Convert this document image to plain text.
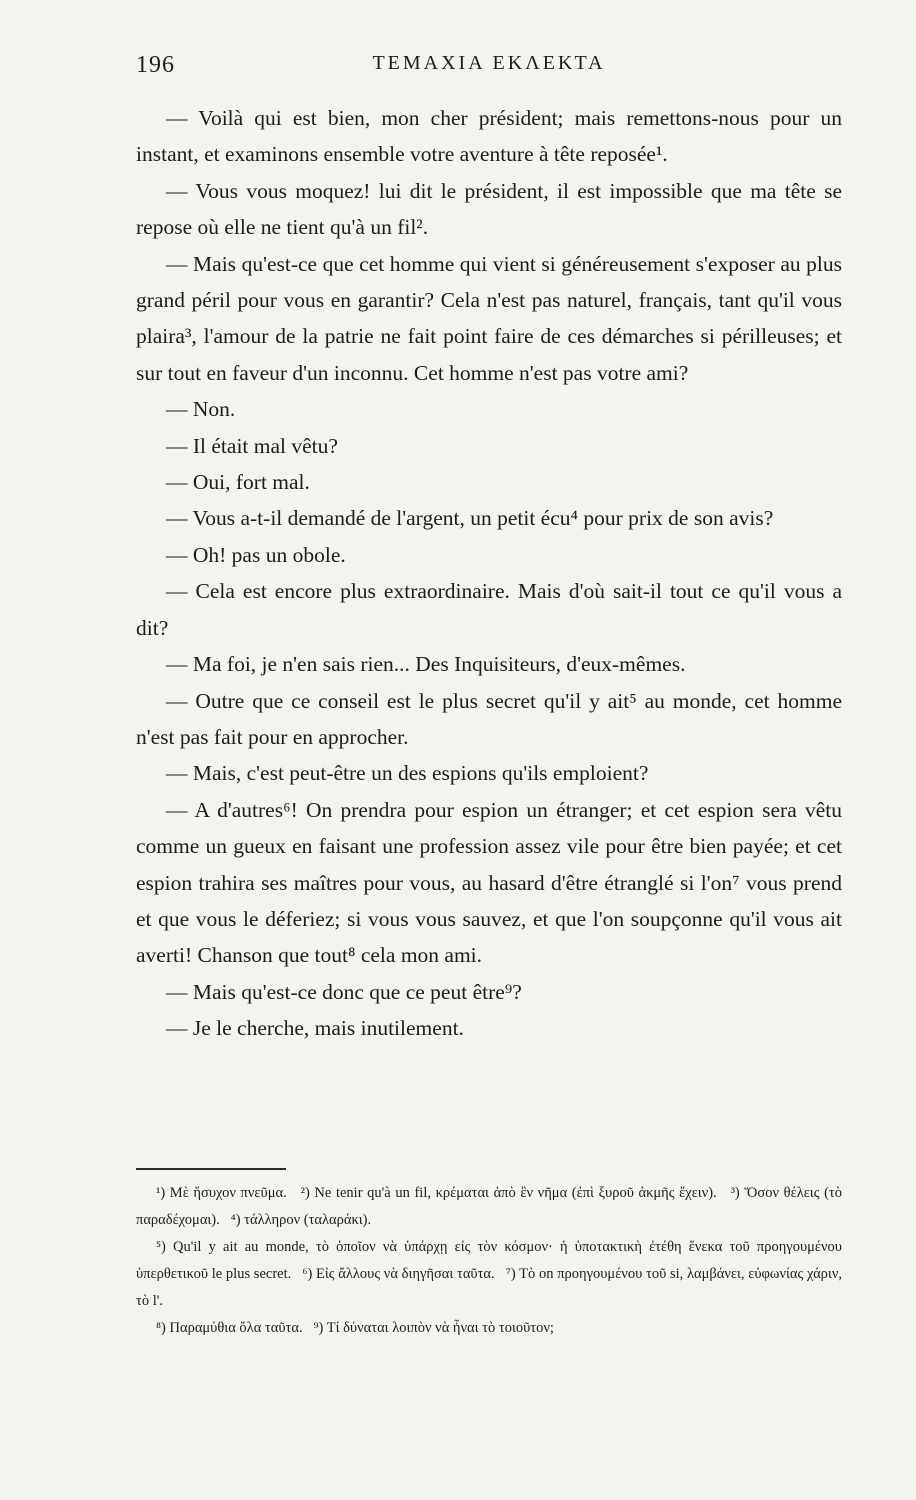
196	ΤΕΜΑΧΙΑ ΕΚΛΕΚΤΑ

— Voilà qui est bien, mon cher président; mais remettons-nous pour un instant, et examinons ensemble votre aventure à tête reposée¹.

— Vous vous moquez! lui dit le président, il est impossible que ma tête se repose où elle ne tient qu'à un fil².

— Mais qu'est-ce que cet homme qui vient si généreusement s'exposer au plus grand péril pour vous en garantir? Cela n'est pas naturel, français, tant qu'il vous plaira³, l'amour de la patrie ne fait point faire de ces démarches si périlleuses; et sur tout en faveur d'un inconnu. Cet homme n'est pas votre ami?

— Non.

— Il était mal vêtu?

— Oui, fort mal.

— Vous a-t-il demandé de l'argent, un petit écu⁴ pour prix de son avis?

— Oh! pas un obole.

— Cela est encore plus extraordinaire. Mais d'où sait-il tout ce qu'il vous a dit?

— Ma foi, je n'en sais rien... Des Inquisiteurs, d'eux-mêmes.

— Outre que ce conseil est le plus secret qu'il y ait⁵ au monde, cet homme n'est pas fait pour en approcher.

— Mais, c'est peut-être un des espions qu'ils emploient?

— A d'autres⁶! On prendra pour espion un étranger; et cet espion sera vêtu comme un gueux en faisant une profession assez vile pour être bien payée; et cet espion trahira ses maîtres pour vous, au hasard d'être étranglé si l'on⁷ vous prend et que vous le déferiez; si vous vous sauvez, et que l'on soupçonne qu'il vous ait averti! Chanson que tout⁸ cela mon ami.

— Mais qu'est-ce donc que ce peut être⁹?

— Je le cherche, mais inutilement.

¹) Μὲ ἥσυχον πνεῦμα.   ²) Ne tenir qu'à un fil, κρέμαται ἀπὸ ἓν νῆμα (ἐπὶ ξυροῦ ἀκμῆς ἔχειν).   ³) Ὅσον θέλεις (τὸ παραδέχομαι).   ⁴) τάλληρον (ταλαράκι).

⁵) Qu'il y ait au monde, τὸ ὁποῖον νὰ ὑπάρχῃ εἰς τὸν κόσμον· ἡ ὑποτακτικὴ ἐτέθη ἕνεκα τοῦ προηγουμένου ὑπερθετικοῦ le plus secret.   ⁶) Εἰς ἄλλους νὰ διηγῆσαι ταῦτα.   ⁷) Τὸ on προηγουμένου τοῦ si, λαμβάνει, εὐφωνίας χάριν, τὸ l'.

⁸) Παραμύθια ὅλα ταῦτα.   ⁹) Τί δύναται λοιπὸν νὰ ἦναι τὸ τοιοῦτον;
